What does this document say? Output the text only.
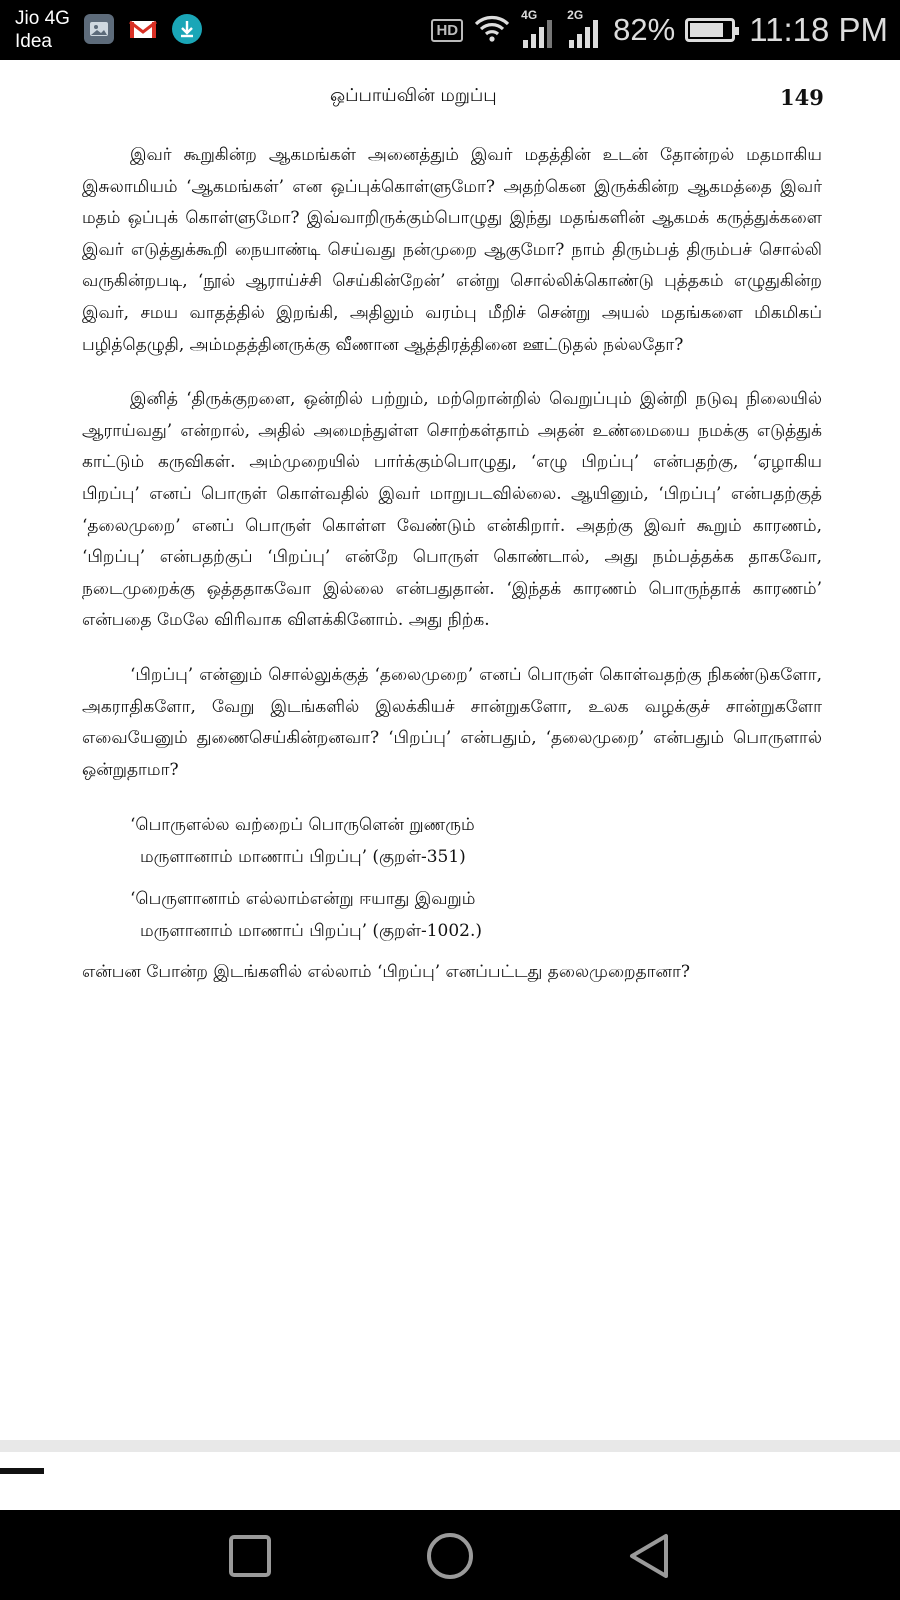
Jio 4G
Idea
HD
4G 2G 82% 11:18 PM
ஒப்பாய்வின் மறுப்பு	149

இவர் கூறுகின்ற ஆகமங்கள் அனைத்தும் இவர் மதத்தின் உடன் தோன்றல் மதமாகிய இசுலாமியம் ‘ஆகமங்கள்’ என ஒப்புக்கொள்ளுமோ? அதற்கென இருக்கின்ற ஆகமத்தை இவர் மதம் ஒப்புக் கொள்ளுமோ? இவ்வாறிருக்கும்பொழுது இந்து மதங்களின் ஆகமக் கருத்துக்களை இவர் எடுத்துக்கூறி நையாண்டி செய்வது நன்முறை ஆகுமோ? நாம் திரும்பத் திரும்பச் சொல்லி வருகின்றபடி, ‘நூல் ஆராய்ச்சி செய்கின்றேன்’ என்று சொல்லிக்கொண்டு புத்தகம் எழுதுகின்ற இவர், சமய வாதத்தில் இறங்கி, அதிலும் வரம்பு மீறிச் சென்று அயல் மதங்களை மிகமிகப் பழித்தெழுதி, அம்மதத்தினருக்கு வீணான ஆத்திரத்தினை ஊட்டுதல் நல்லதோ?

இனித் ‘திருக்குறளை, ஒன்றில் பற்றும், மற்றொன்றில் வெறுப்பும் இன்றி நடுவு நிலையில் ஆராய்வது’ என்றால், அதில் அமைந்துள்ள சொற்கள்தாம் அதன் உண்மையை நமக்கு எடுத்துக் காட்டும் கருவிகள். அம்முறையில் பார்க்கும்பொழுது, ‘எழு பிறப்பு’ என்பதற்கு, ‘ஏழாகிய பிறப்பு’ எனப் பொருள் கொள்வதில் இவர் மாறுபடவில்லை. ஆயினும், ‘பிறப்பு’ என்பதற்குத் ‘தலைமுறை’ எனப் பொருள் கொள்ள வேண்டும் என்கிறார். அதற்கு இவர் கூறும் காரணம், ‘பிறப்பு’ என்பதற்குப் ‘பிறப்பு’ என்றே பொருள் கொண்டால், அது நம்பத்தக்க தாகவோ, நடைமுறைக்கு ஒத்ததாகவோ இல்லை என்பதுதான். ‘இந்தக் காரணம் பொருந்தாக் காரணம்’ என்பதை மேலே விரிவாக விளக்கினோம். அது நிற்க.

‘பிறப்பு’ என்னும் சொல்லுக்குத் ‘தலைமுறை’ எனப் பொருள் கொள்வதற்கு நிகண்டுகளோ, அகராதிகளோ, வேறு இடங்களில் இலக்கியச் சான்றுகளோ, உலக வழக்குச் சான்றுகளோ எவையேனும் துணைசெய்கின்றனவா? ‘பிறப்பு’ என்பதும், ‘தலைமுறை’ என்பதும் பொருளால் ஒன்றுதாமா?

‘பொருளல்ல வற்றைப் பொருளென் றுணரும்
மருளானாம் மாணாப் பிறப்பு’ (குறள்-351)
‘பெருளானாம் எல்லாம்என்று ஈயாது இவறும்
மருளானாம் மாணாப் பிறப்பு’ (குறள்-1002.)

என்பன போன்ற இடங்களில் எல்லாம் ‘பிறப்பு’ எனப்பட்டது தலைமுறைதானா?
